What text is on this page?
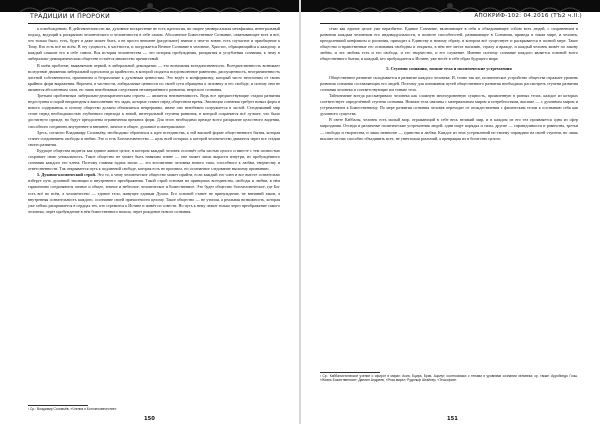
ТРАДИЦИИ И ПРОРОКИ

к освобождению. В действительности же, духовное воскресение не есть идеология, но скорее универсальная метафизика, интегральный подход, ведущий к раскрытию человеческого и человечности в себе самом. Абсолютное Божественное Сознание, охватывающее всех и всё, что только было, есть, будет и даже может быть, а не просто внешнее (раздельное) знание о чем-то вовне, есть соучастие и приобщение к Тому, Кто есть всё во всём. В эту сущность, в частности, и погружается Вечное Сознание в человеке, Христос, обращающийся к каждому, и каждый слышит его в себе самом. Вся история человечества — это история пробуждения, раскрытия и углубления сознания, к чему в либерально-демократическом обществе остаётся множество препятствий.

В моём проблеме, выявляемом первой, в либеральной демократии — это возможная всеединственность. Всеединственность возникает вследствие движения либеральной идеологии до крайности, в которой сходятся вседозволенное равенство, распущенность, неограниченность частной собственности, прагматизм и безразличие к духовным ценностям. Это ведёт к конформизму, который часто неотличим от своих крайних форм выражения. Впрочем, в частности, либеральные ценности по своей сути обращены к человеку и его свободе, и потому они не являются абсолютным злом, но лишь неизбежным следствием незавершённого развития, незрелого сознания.

Третьим проблемным либерально-демократическим строем — является неизменчивость. Ведь все предшествующие стадии развития недоступны и порой непригодны к выполнению тех задач, которые ставит перед обществом время. Эволюция сознания требует новых форм и нового содержания, и потому общество должно обновляться непрерывно, иначе оно неизбежно погружается в застой. Сегодняшний мир стоит перед необходимостью глубинного перехода к новой, интегральной ступени развития, в которой сохранится всё лучшее, что было достигнуто прежде, но будут преодолены ограничения прежних форм. Для этого необходимо прежде всего раскрытие целостного видения, способного соединить внутреннее и внешнее, личное и общее, духовное и материальное.

Здесь, согласно Владимиру Соловьёву, необходимо обратиться к идее всеединства, к той высшей форме общественного бытия, которая станет соединением свободы и любви. Это и есть Богочеловечество — цель всей истории, к которой человечество движется через все стадии своего развития.

Будущее общества видится как единое живое целое, в котором каждый человек осознаёт себя частью целого и вместе с тем полностью сохраняет свою уникальность. Такое общество не может быть навязано извне — оно может лишь вырасти изнутри, из пробуждённого сознания каждого его члена. Поэтому главная задача эпохи — это воспитание человека нового типа, способного к любви, творчеству и ответственности. Так открывается путь к подлинной свободе, которая есть не произвол, но осознанное следование высшему призванию.

5. Духовно-космический строй. Это то, к чему человеческое общество может прийти, если каждый его член и все вместе сознательно изберут путь духовной эволюции и внутреннего преображения. Такой строй основан на принципах всеединства, свободы и любви, в нём гармонично соединяются личное и общее, земное и небесное, человеческое и Божественное. Это будет общество богочеловеческое, где Бог есть всё во всём, а человечество — единое тело, живущее единым Духом. Его основой станет не принуждение, не внешний закон, а внутренняя сознательность каждого, осознание своей причастности целому. Такое общество — не утопия, а реальная возможность, которая уже сейчас раскрывается в сердцах тех, кто стремится к Истине и живёт по совести. Но путь к нему лежит только через преображение самого человека, через пробуждение в нём божественного начала, через рождение нового сознания.

¹ Ср.: Владимир Соловьёв, «Чтения о Богочеловечестве».
150
АПОКРИФ-102: 04.2016 (ТЪ2 ч.II.)

стью как единое целое уже неразбитое. Единое Сознание, включающее в себя и объединяющее собою всех людей, с сохранением в развитии каждым человеком его индивидуальности, в полноте способностей, развивающее в Сознании, приведя в таком мире, и человек, преодолевший конфликты и различия, приходит к Единству и новому образу, в котором всё существует и раскрывается в полной мере. Такое общество и нравственные его основания свободны и открыты, в нём нет места насилию, страху и вражде, и каждый человек живёт по закону любви, и эта любовь есть и его свобода, и его творчество, и его служение. Именно поэтому сознание каждого является основой всего общественного бытия, и каждый, кто пробуждается к Истине, уже несёт в себе образ будущего мира.

5. Ступени сознания, тонкие тела и политические устремления

Общественное развитие складывается в развитие каждого человека. И, точно так же, политическое устройство общества отражает уровень развития сознания составляющих его людей. Поэтому для понимания путей общественного развития необходимо рассмотреть ступени развития сознания человека и соответствующие им тонкие тела.

Тайнознание всегда рассматривало человека как сложную многоуровневую сущность, проявленную в разных телах, каждое из которых соответствует определённой ступени сознания. Низшие тела связаны с материальным миром и потребностями, высшие — с духовным миром и устремлением к Божественному. По мере развития сознания человек переходит от отождествления с физическим телом к осознанию себя как духовного существа.

В свете Каббалы, человек есть малый мир, отражающий в себе весь великий мир, и в каждом из его тел проявляется одна из сфер мироздания. Отсюда и различные политические устремления людей: одни ищут порядка и силы, другие — справедливости и равенства, третьи — свободы и творчества, и лишь немногие — единства и любви. Каждое из этих устремлений по-своему оправдано на своей ступени, но лишь высшее из них способно объединить всех, не уничтожая различий, а превращая их в богатство целого.

¹ Ср.: Каббалистическое учение о сфирот и мирах: Асия, Ецира, Брия, Ацилут, соотносимых с телами и уровнями сознания человека; ср. также: Ауробиндо Гхош, «Жизнь Божественная»; Даниил Андреев, «Роза мира»; Рудольф Штайнер, «Теософия».
151
